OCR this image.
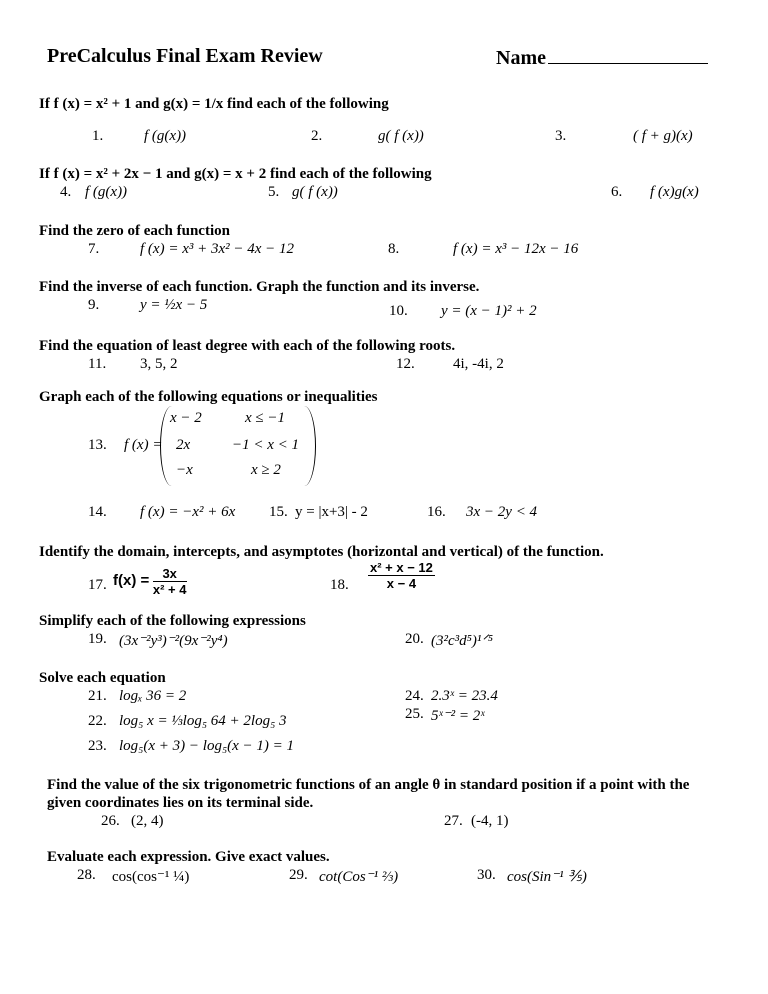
PreCalculus Final Exam Review	Name
If f (x) = x² + 1 and g(x) = 1/x find each of the following
1.	f (g(x))	2.	g( f (x))	3.	( f + g)(x)
If f (x) = x² + 2x − 1 and g(x) = x + 2 find each of the following
4. f (g(x))	5. g( f (x))	6. f (x)g(x)
Find the zero of each function
7.	f (x) = x³ + 3x² − 4x − 12	8.	f (x) = x³ − 12x − 16
Find the inverse of each function. Graph the function and its inverse.
9.	y = ½x − 5	10. y = (x − 1)² + 2
Find the equation of least degree with each of the following roots.
11. 3, 5, 2	12.	4i, -4i, 2
Graph each of the following equations or inequalities
13. f (x) =
x − 2	x ≤ −1
2x	−1 < x < 1
−x	x ≥ 2
14. f (x) = −x² + 6x 15. y = |x+3| - 2	16. 3x − 2y < 4
Identify the domain, intercepts, and asymptotes (horizontal and vertical) of the function.
17. $f(x) = \frac{3x}{\text{x² + 4}}$	18. $\frac{\text{x² + x − 12}}{x - 4}$
Simplify each of the following expressions
19. (3x⁻²y³)⁻²(9x⁻²y⁴)	20. (3²c³d⁵)¹ᐟ⁵
Solve each equation
21. logₓ 36 = 2
22. log₅ x = ⅓log₅ 64 + 2log₅ 3
23. log₅(x + 3) − log₅(x − 1) = 1
24. 2.3ˣ = 23.4
25. 5ˣ⁻² = 2ˣ
Find the value of the six trigonometric functions of an angle θ in standard position if a point with the
given coordinates lies on its terminal side.
26. (2, 4)	27. (-4, 1)
Evaluate each expression. Give exact values.
28. cos(cos⁻¹ ¼)	29. cot(Cos⁻¹ ⅔)	30. cos(Sin⁻¹ ⅗)
